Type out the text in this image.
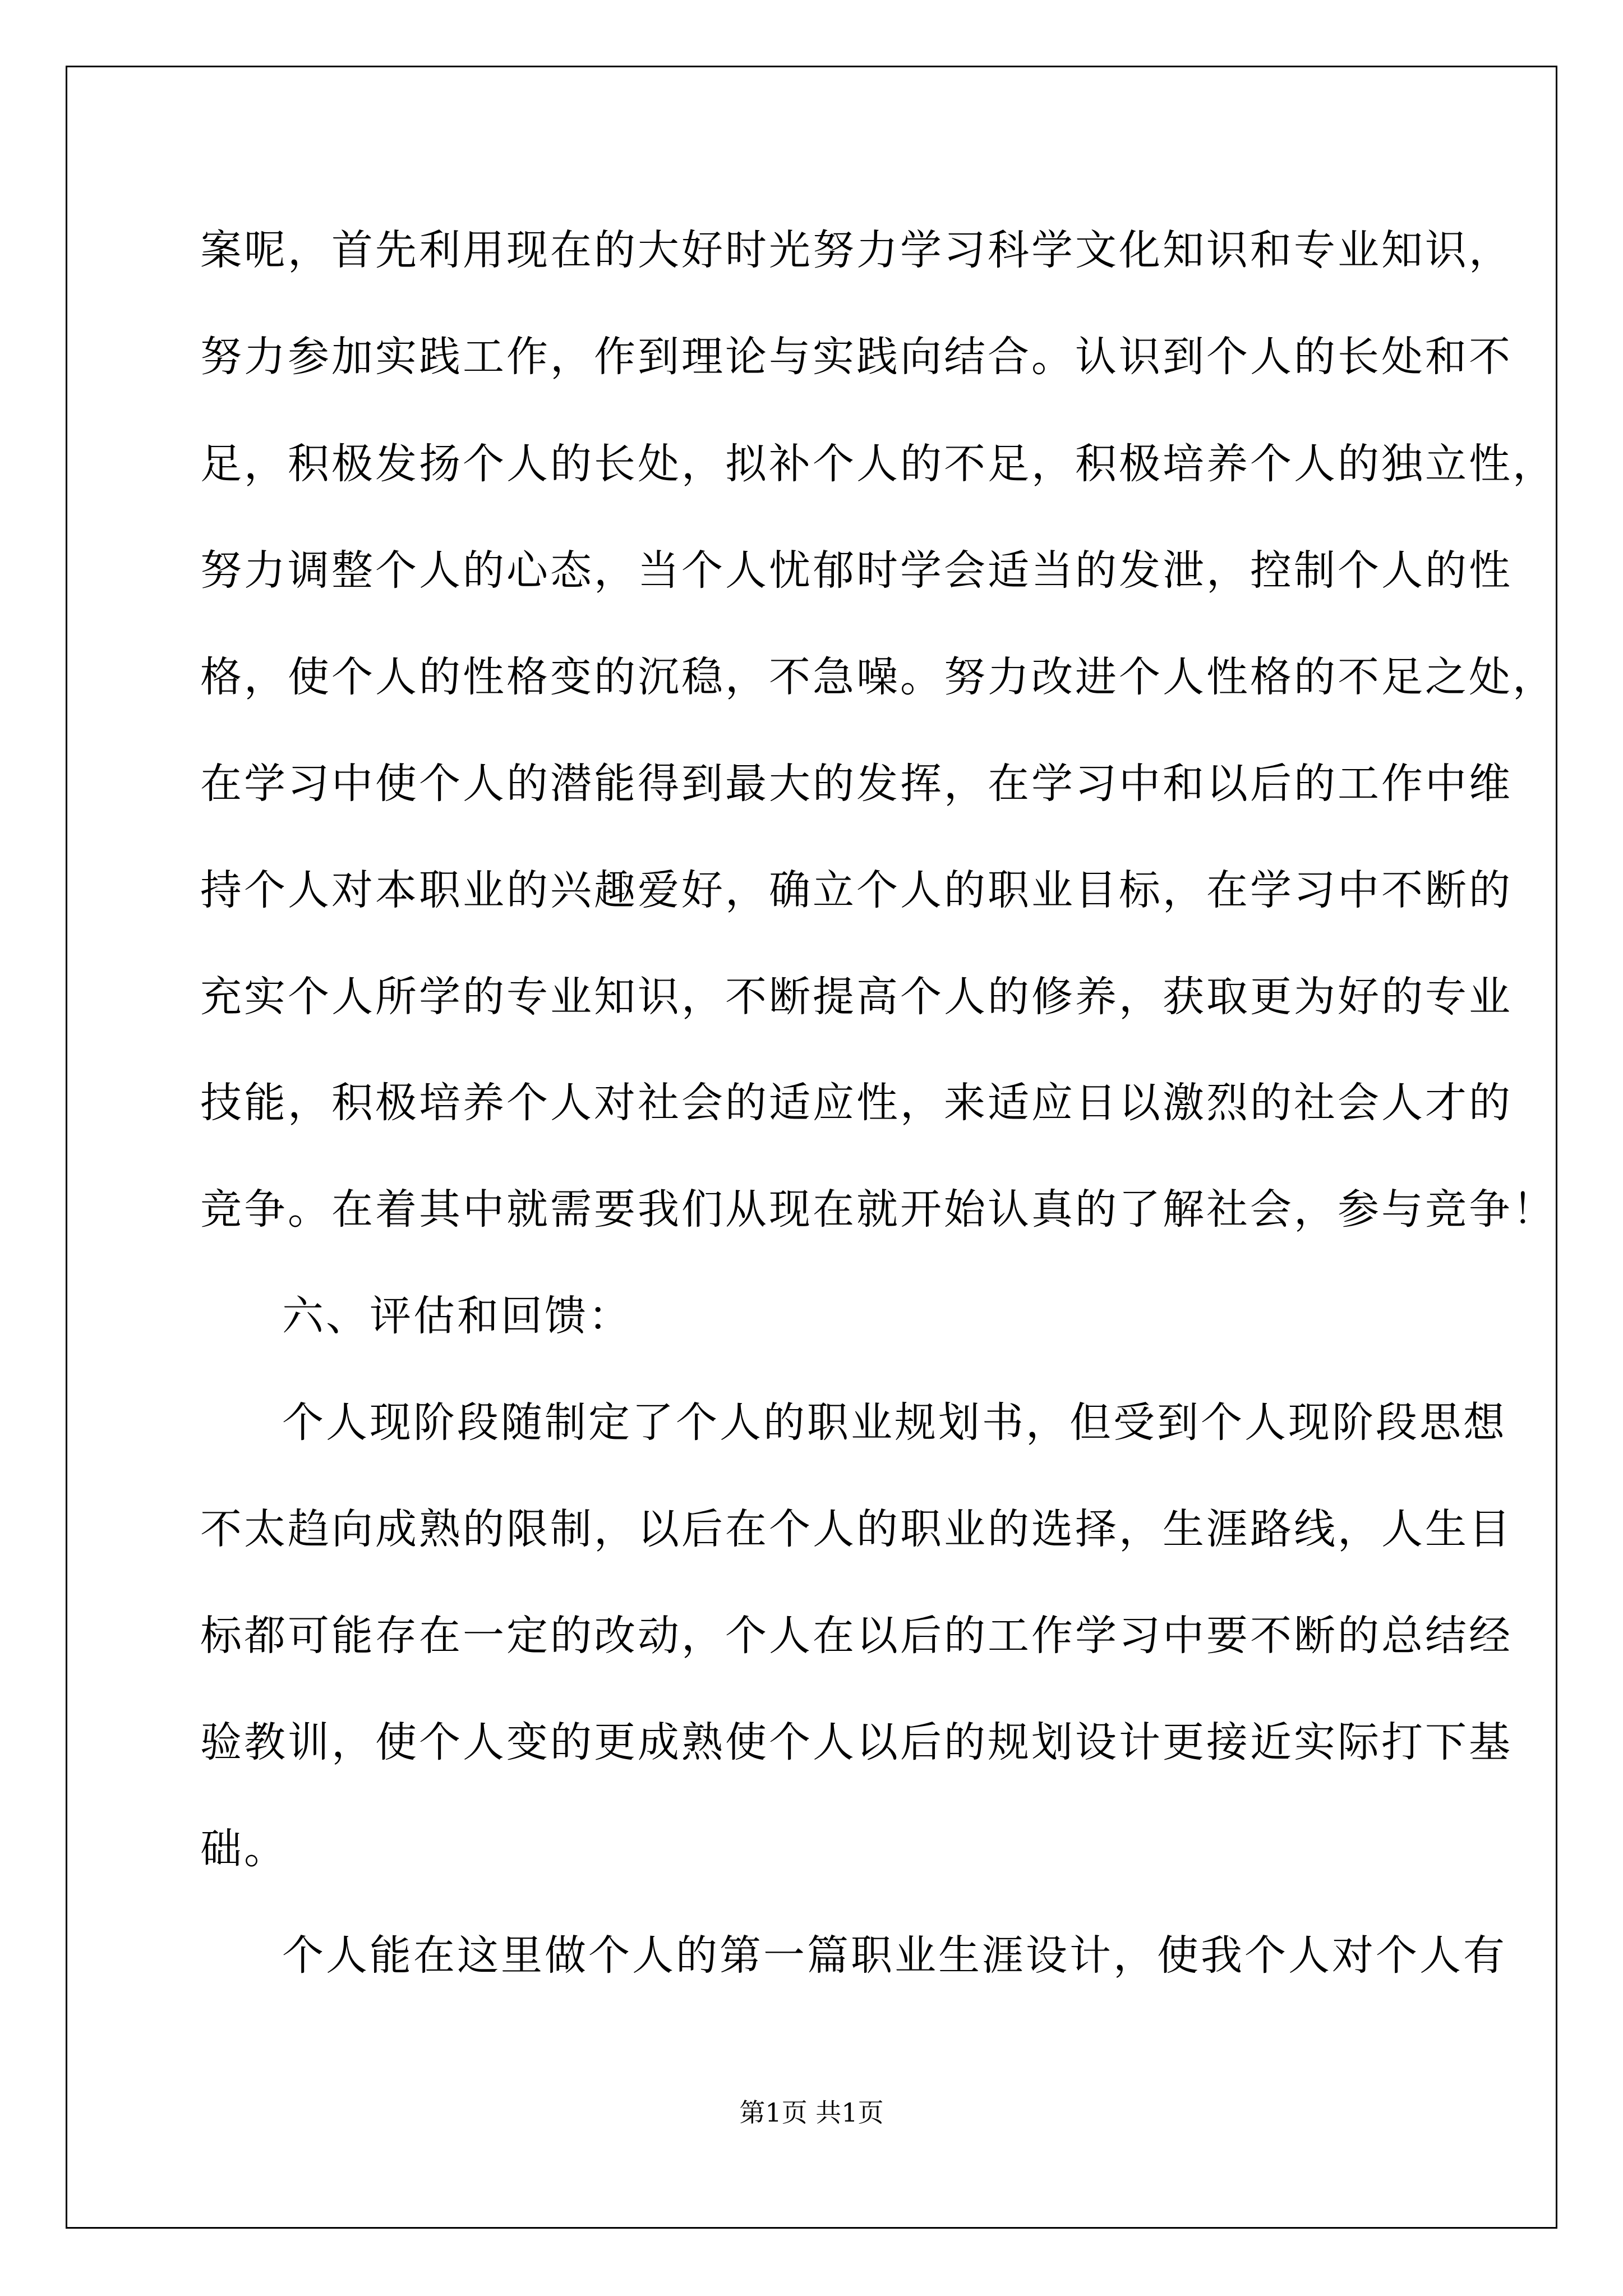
案呢，首先利用现在的大好时光努力学习科学文化知识和专业知识，
努力参加实践工作，作到理论与实践向结合。认识到个人的长处和不
足，积极发扬个人的长处，拟补个人的不足，积极培养个人的独立性，
努力调整个人的心态，当个人忧郁时学会适当的发泄，控制个人的性
格，使个人的性格变的沉稳，不急噪。努力改进个人性格的不足之处，
在学习中使个人的潜能得到最大的发挥，在学习中和以后的工作中维
持个人对本职业的兴趣爱好，确立个人的职业目标，在学习中不断的
充实个人所学的专业知识，不断提高个人的修养，获取更为好的专业
技能，积极培养个人对社会的适应性，来适应日以激烈的社会人才的
竞争。在着其中就需要我们从现在就开始认真的了解社会，参与竞争！
六、评估和回馈：
个人现阶段随制定了个人的职业规划书，但受到个人现阶段思想
不太趋向成熟的限制，以后在个人的职业的选择，生涯路线，人生目
标都可能存在一定的改动，个人在以后的工作学习中要不断的总结经
验教训，使个人变的更成熟使个人以后的规划设计更接近实际打下基
础。
个人能在这里做个人的第一篇职业生涯设计，使我个人对个人有
第1页 共1页
